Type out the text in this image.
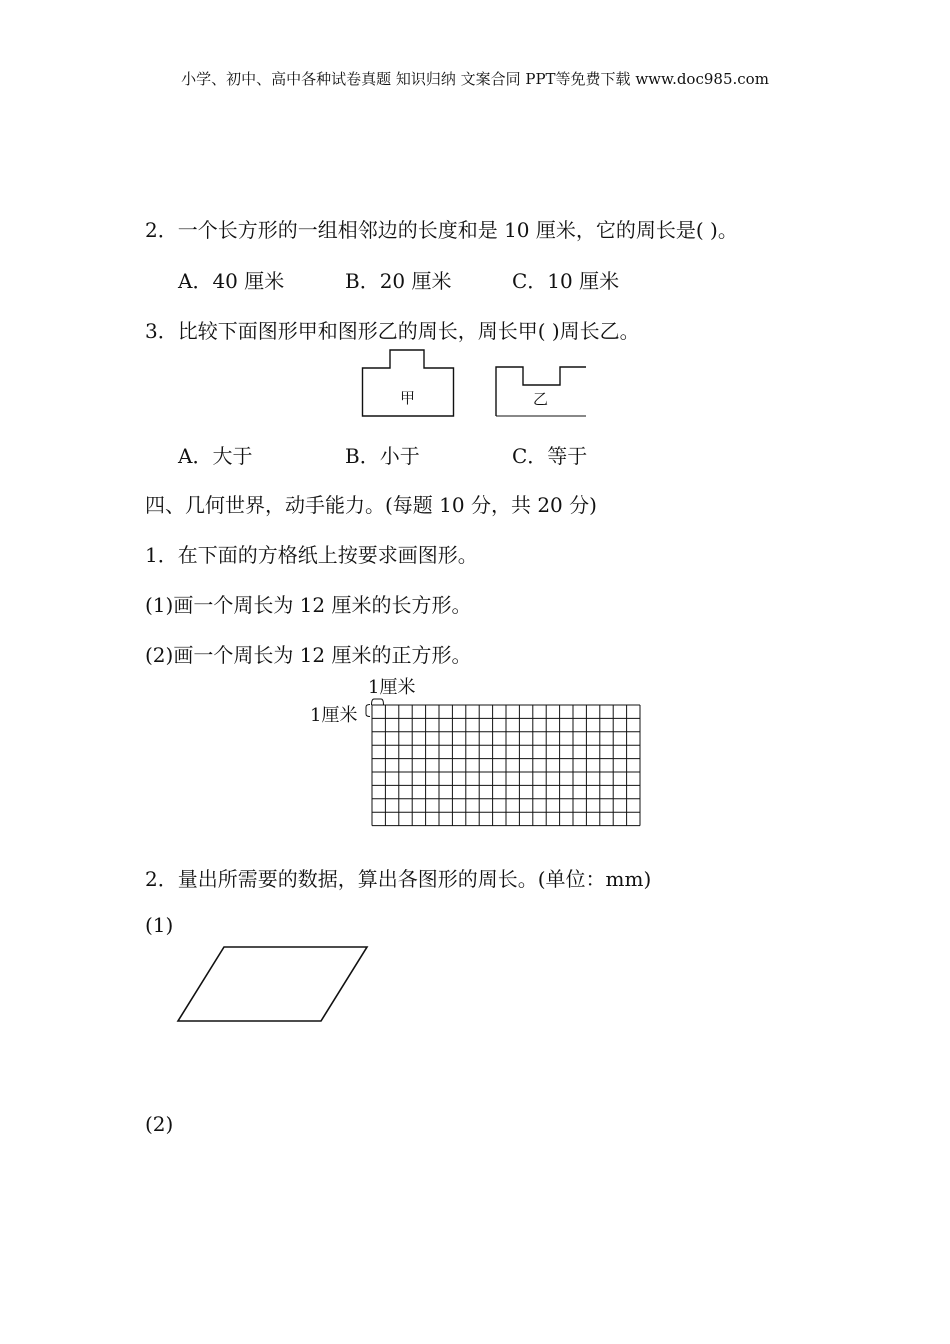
小学、初中、高中各种试卷真题 知识归纳 文案合同 PPT等免费下载 www.doc985.com
2．一个长方形的一组相邻边的长度和是 10 厘米，它的周长是( )。
A．40 厘米	B．20 厘米	C．10 厘米
3．比较下面图形甲和图形乙的周长，周长甲( )周长乙。
甲	乙
A．大于	B．小于	C．等于
四、几何世界，动手能力。(每题 10 分，共 20 分)
1．在下面的方格纸上按要求画图形。
(1)画一个周长为 12 厘米的长方形。
(2)画一个周长为 12 厘米的正方形。
1厘米
1厘米
2．量出所需要的数据，算出各图形的周长。(单位：mm)
(1)
(2)
